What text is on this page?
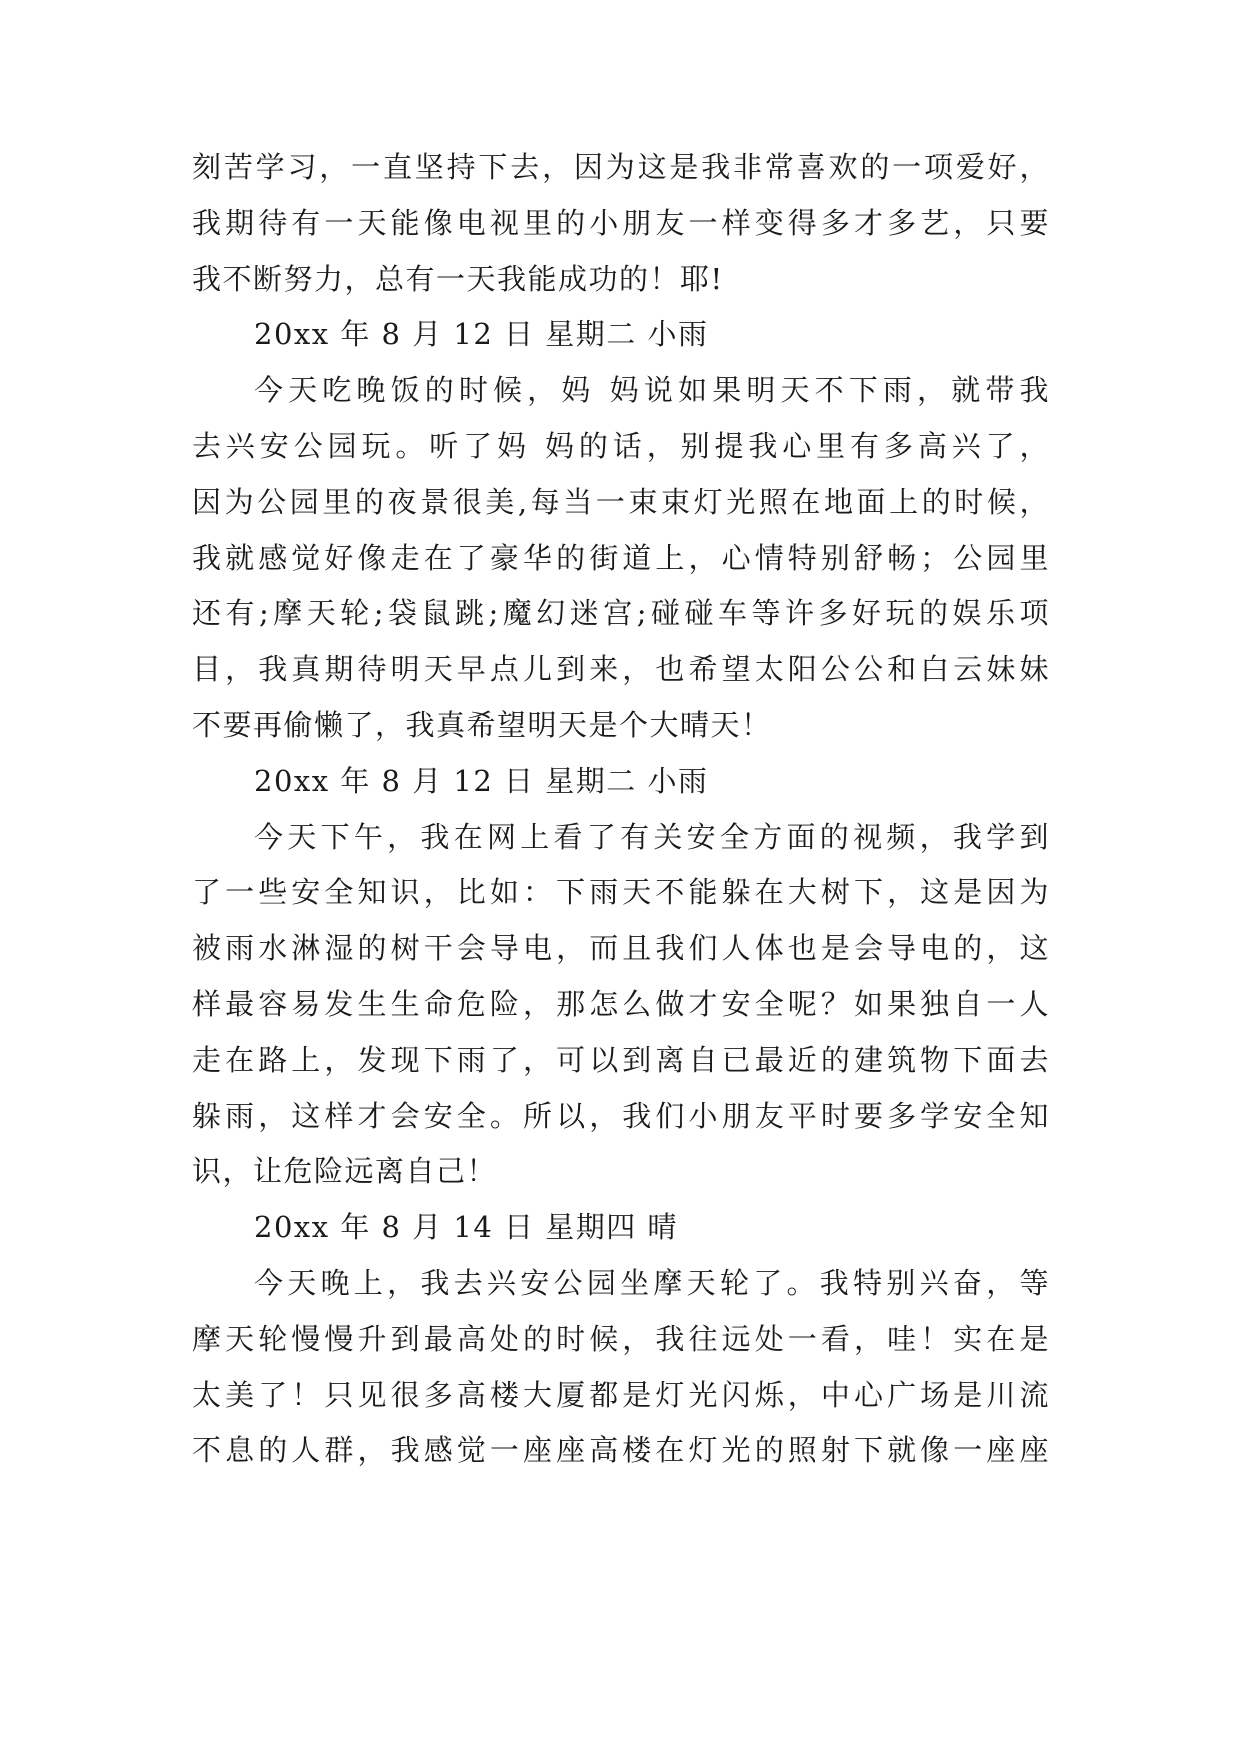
刻苦学习，一直坚持下去，因为这是我非常喜欢的一项爱好，
我期待有一天能像电视里的小朋友一样变得多才多艺，只要
我不断努力，总有一天我能成功的！耶!
20xx 年 8 月 12 日 星期二 小雨
今天吃晚饭的时候，妈 妈说如果明天不下雨，就带我
去兴安公园玩。听了妈 妈的话，别提我心里有多高兴了，
因为公园里的夜景很美,每当一束束灯光照在地面上的时候，
我就感觉好像走在了豪华的街道上，心情特别舒畅；公园里
还有;摩天轮;袋鼠跳;魔幻迷宫;碰碰车等许多好玩的娱乐项
目，我真期待明天早点儿到来，也希望太阳公公和白云妹妹
不要再偷懒了，我真希望明天是个大晴天！
20xx 年 8 月 12 日 星期二 小雨
今天下午，我在网上看了有关安全方面的视频，我学到
了一些安全知识，比如：下雨天不能躲在大树下，这是因为
被雨水淋湿的树干会导电，而且我们人体也是会导电的，这
样最容易发生生命危险，那怎么做才安全呢？如果独自一人
走在路上，发现下雨了，可以到离自已最近的建筑物下面去
躲雨，这样才会安全。所以，我们小朋友平时要多学安全知
识，让危险远离自己！
20xx 年 8 月 14 日 星期四 晴
今天晚上，我去兴安公园坐摩天轮了。我特别兴奋，等
摩天轮慢慢升到最高处的时候，我往远处一看，哇！实在是
太美了！只见很多高楼大厦都是灯光闪烁，中心广场是川流
不息的人群，我感觉一座座高楼在灯光的照射下就像一座座
